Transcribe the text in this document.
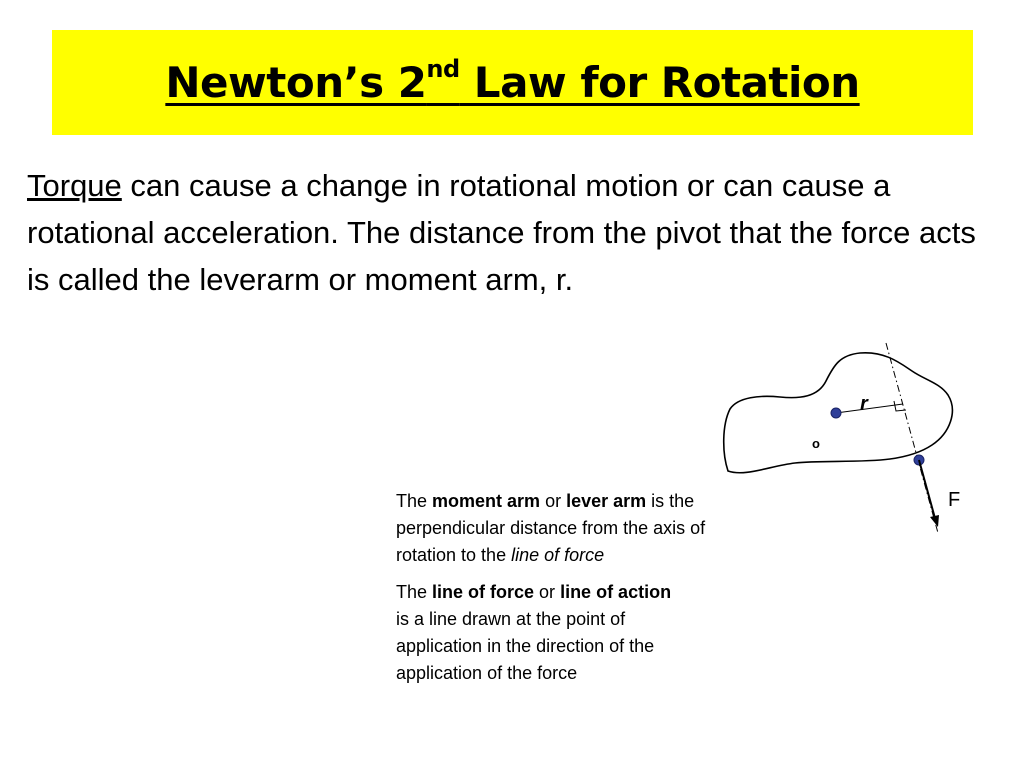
Newton’s 2nd Law for Rotation

Torque can cause a change in rotational motion or can cause a rotational acceleration. The distance from the pivot that the force acts is called the leverarm or moment arm, r.

r
o
F

The moment arm or lever arm is the perpendicular distance from the axis of rotation to the line of force

The line of force or line of action is a line drawn at the point of application in the direction of the application of the force
